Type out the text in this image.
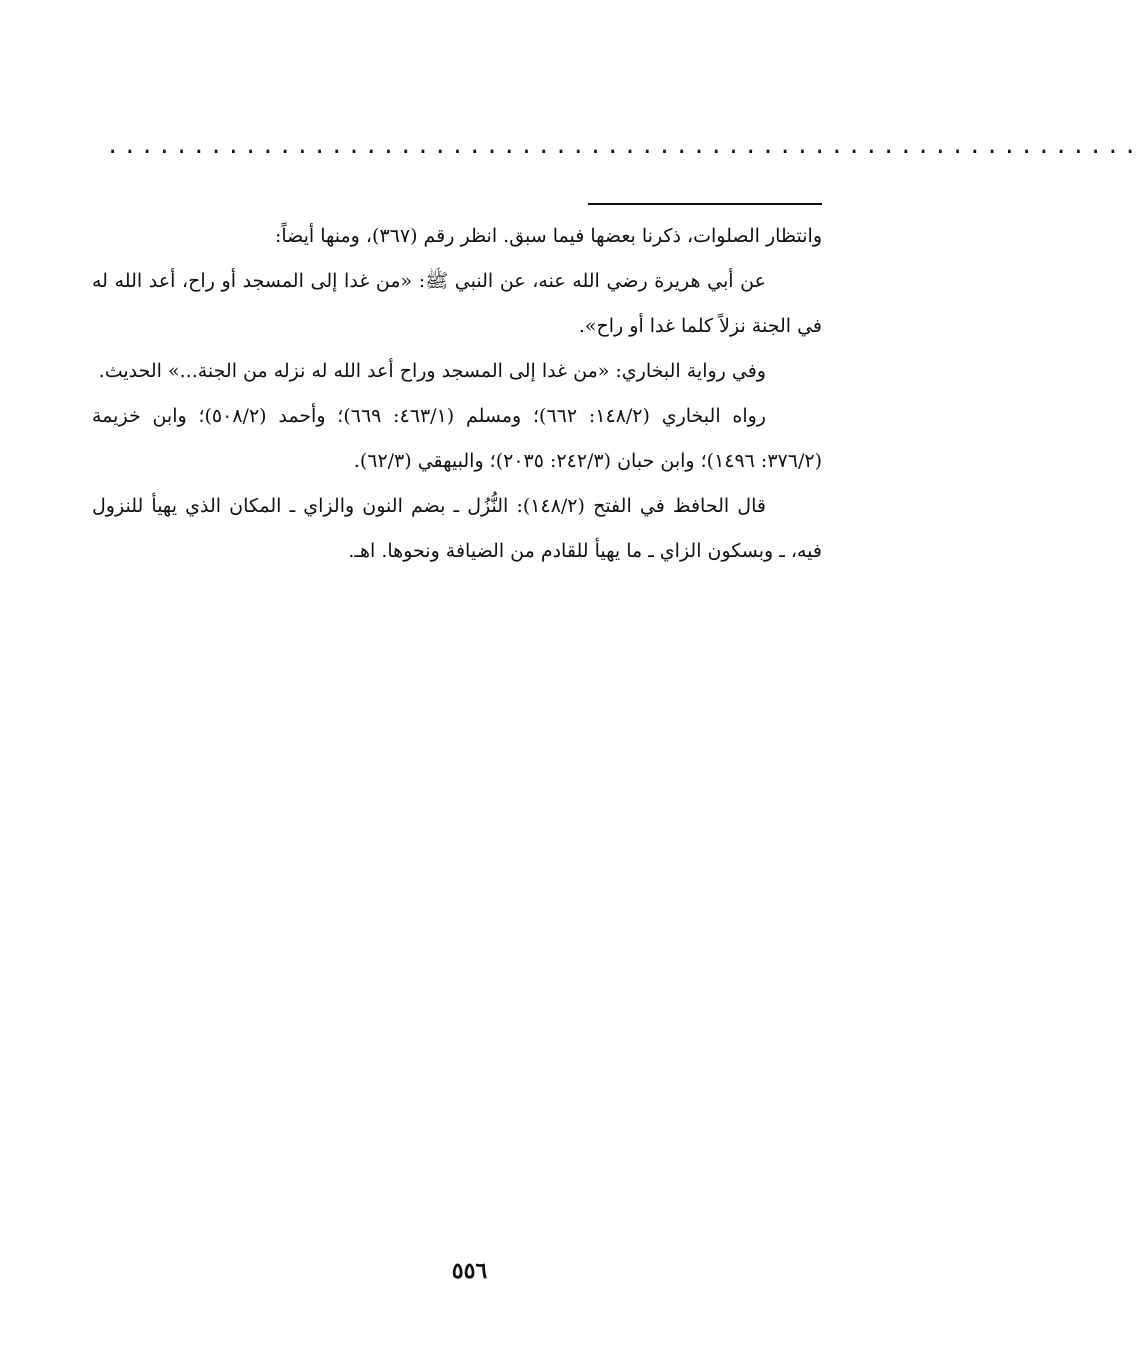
............................................................

وانتظار الصلوات، ذكرنا بعضها فيما سبق. انظر رقم (٣٦٧)، ومنها أيضاً:

عن أبي هريرة رضي الله عنه، عن النبي ﷺ: «من غدا إلى المسجد أو راح، أعد الله له في الجنة نزلاً كلما غدا أو راح».

وفي رواية البخاري: «من غدا إلى المسجد وراح أعد الله له نزله من الجنة...» الحديث.

رواه البخاري (١٤٨/٢: ٦٦٢)؛ ومسلم (٤٦٣/١: ٦٦٩)؛ وأحمد (٥٠٨/٢)؛ وابن خزيمة (٣٧٦/٢: ١٤٩٦)؛ وابن حبان (٢٤٢/٣: ٢٠٣٥)؛ والبيهقي (٦٢/٣).

قال الحافظ في الفتح (١٤٨/٢): النُّزُل ـ بضم النون والزاي ـ المكان الذي يهيأ للنزول فيه، ـ وبسكون الزاي ـ ما يهيأ للقادم من الضيافة ونحوها. اهـ.

٥٥٦
